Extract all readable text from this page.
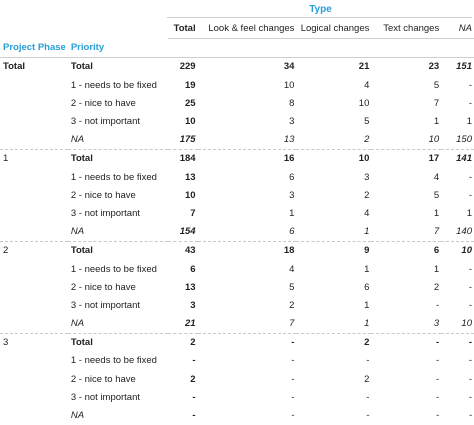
Type
		Total	Look & feel changes	Logical changes	Text changes	NA
Project Phase	Priority					
Total	Total	229	34	21	23	151
	1 - needs to be fixed	19	10	4	5	-
	2 - nice to have	25	8	10	7	-
	3 - not important	10	3	5	1	1
	NA	175	13	2	10	150
1	Total	184	16	10	17	141
	1 - needs to be fixed	13	6	3	4	-
	2 - nice to have	10	3	2	5	-
	3 - not important	7	1	4	1	1
	NA	154	6	1	7	140
2	Total	43	18	9	6	10
	1 - needs to be fixed	6	4	1	1	-
	2 - nice to have	13	5	6	2	-
	3 - not important	3	2	1	-	-
	NA	21	7	1	3	10
3	Total	2	-	2	-	-
	1 - needs to be fixed	-	-	-	-	-
	2 - nice to have	2	-	2	-	-
	3 - not important	-	-	-	-	-
	NA	-	-	-	-	-
